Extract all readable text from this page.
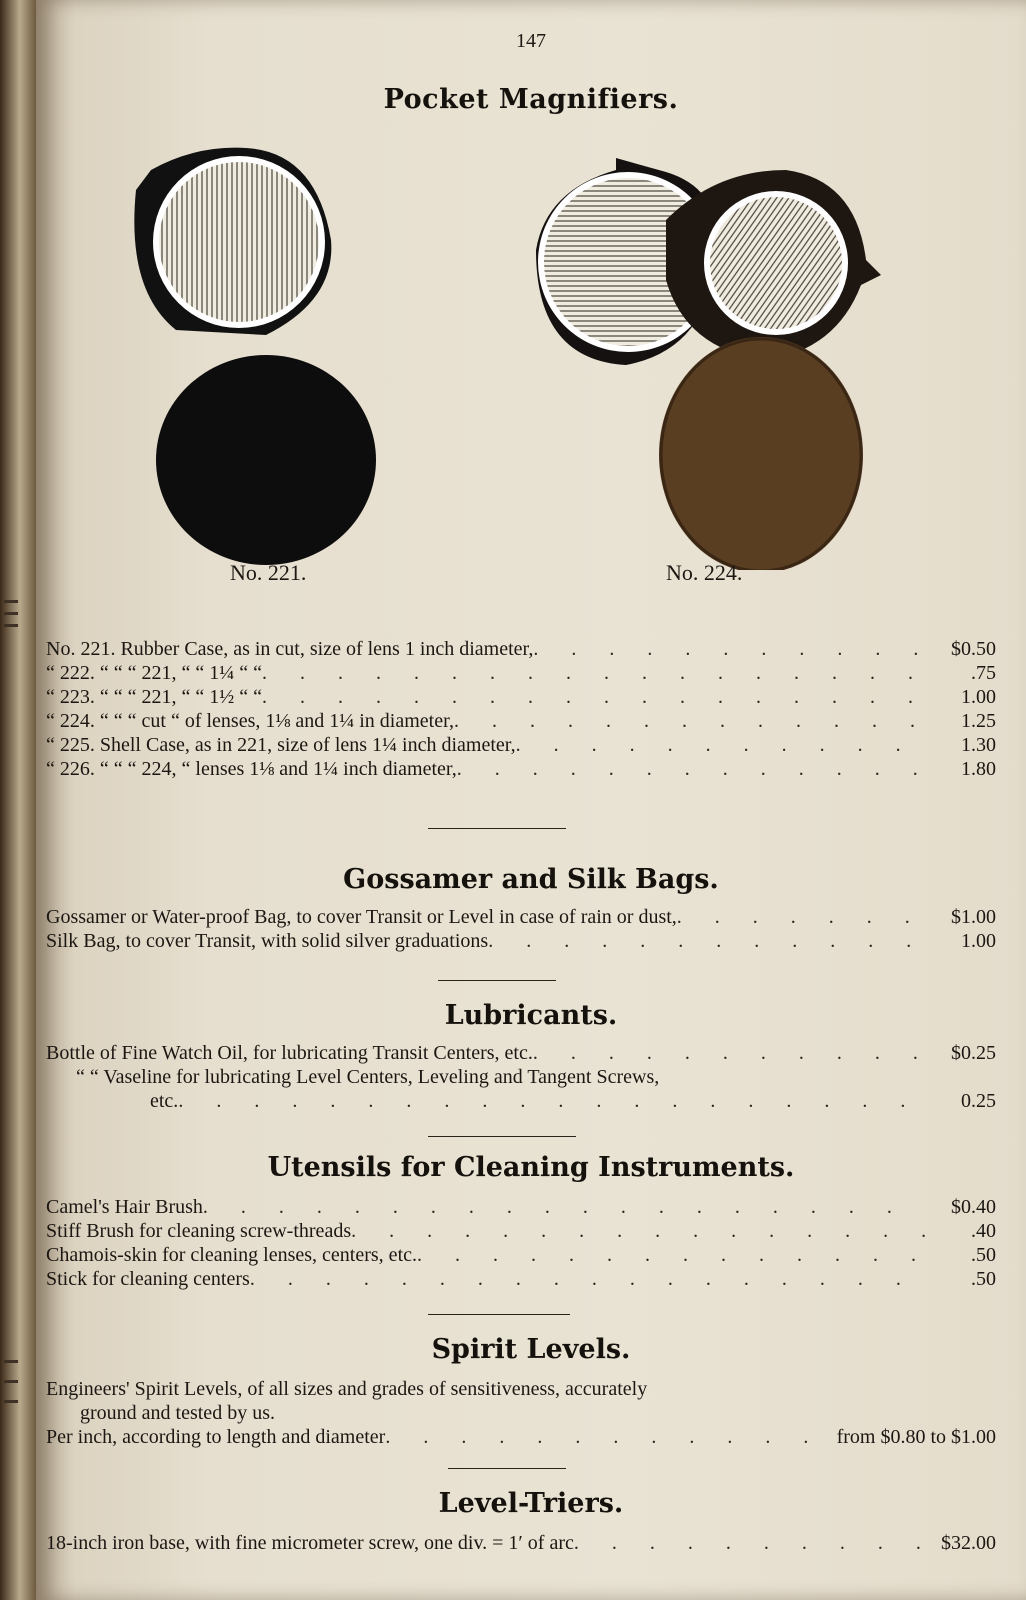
147
Pocket Magnifiers.
No. 221.	No. 224.
No. 221. Rubber Case, as in cut, size of lens 1 inch diameter, . . .	$0.50
“ 222. “ “ “ 221, “ “ 1¼ “ “ . . .	.75
“ 223. “ “ “ 221, “ “ 1½ “ “ . . .	1.00
“ 224. “ “ “ cut “ of lenses, 1⅛ and 1¼ in diameter, . . .	1.25
“ 225. Shell Case, as in 221, size of lens 1¼ inch diameter, . . .	1.30
“ 226. “ “ “ 224, “ lenses 1⅛ and 1¼ inch diameter, . . .	1.80
Gossamer and Silk Bags.
Gossamer or Water-proof Bag, to cover Transit or Level in case of rain or dust, . . .	$1.00
Silk Bag, to cover Transit, with solid silver graduations . . .	1.00
Lubricants.
Bottle of Fine Watch Oil, for lubricating Transit Centers, etc. . . .	$0.25
“ “ Vaseline for lubricating Level Centers, Leveling and Tangent Screws,
etc. . . .	0.25
Utensils for Cleaning Instruments.
Camel's Hair Brush . . .	$0.40
Stiff Brush for cleaning screw-threads . . .	.40
Chamois-skin for cleaning lenses, centers, etc. . . .	.50
Stick for cleaning centers . . .	.50
Spirit Levels.
Engineers' Spirit Levels, of all sizes and grades of sensitiveness, accurately
ground and tested by us.
Per inch, according to length and diameter . . .	from $0.80 to $1.00
Level-Triers.
18-inch iron base, with fine micrometer screw, one div. = 1′ of arc . . .	$32.00
